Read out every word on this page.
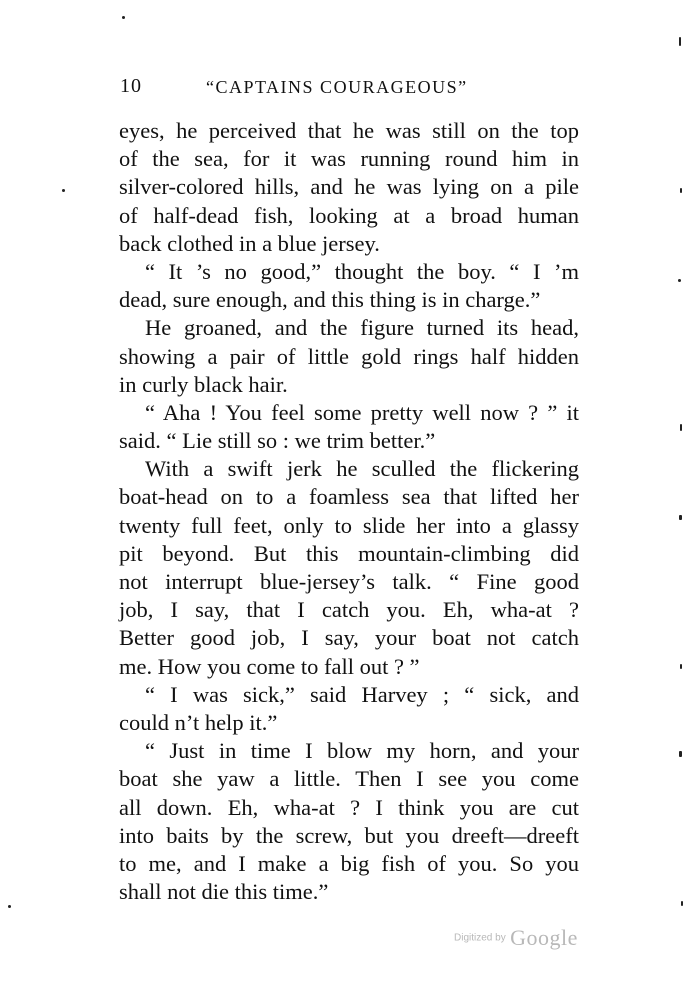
10	“CAPTAINS COURAGEOUS”
eyes, he perceived that he was still on the top
of the sea, for it was running round him in
silver-colored hills, and he was lying on a pile
of half-dead fish, looking at a broad human
back clothed in a blue jersey.
“ It ’s no good,” thought the boy. “ I ’m
dead, sure enough, and this thing is in charge.”
He groaned, and the figure turned its head,
showing a pair of little gold rings half hidden
in curly black hair.
“ Aha ! You feel some pretty well now ? ” it
said. “ Lie still so : we trim better.”
With a swift jerk he sculled the flickering
boat-head on to a foamless sea that lifted her
twenty full feet, only to slide her into a glassy
pit beyond. But this mountain-climbing did
not interrupt blue-jersey’s talk. “ Fine good
job, I say, that I catch you. Eh, wha-at ?
Better good job, I say, your boat not catch
me. How you come to fall out ? ”
“ I was sick,” said Harvey ; “ sick, and
could n’t help it.”
“ Just in time I blow my horn, and your
boat she yaw a little. Then I see you come
all down. Eh, wha-at ? I think you are cut
into baits by the screw, but you dreeft—dreeft
to me, and I make a big fish of you. So you
shall not die this time.”
Digitized by Google
